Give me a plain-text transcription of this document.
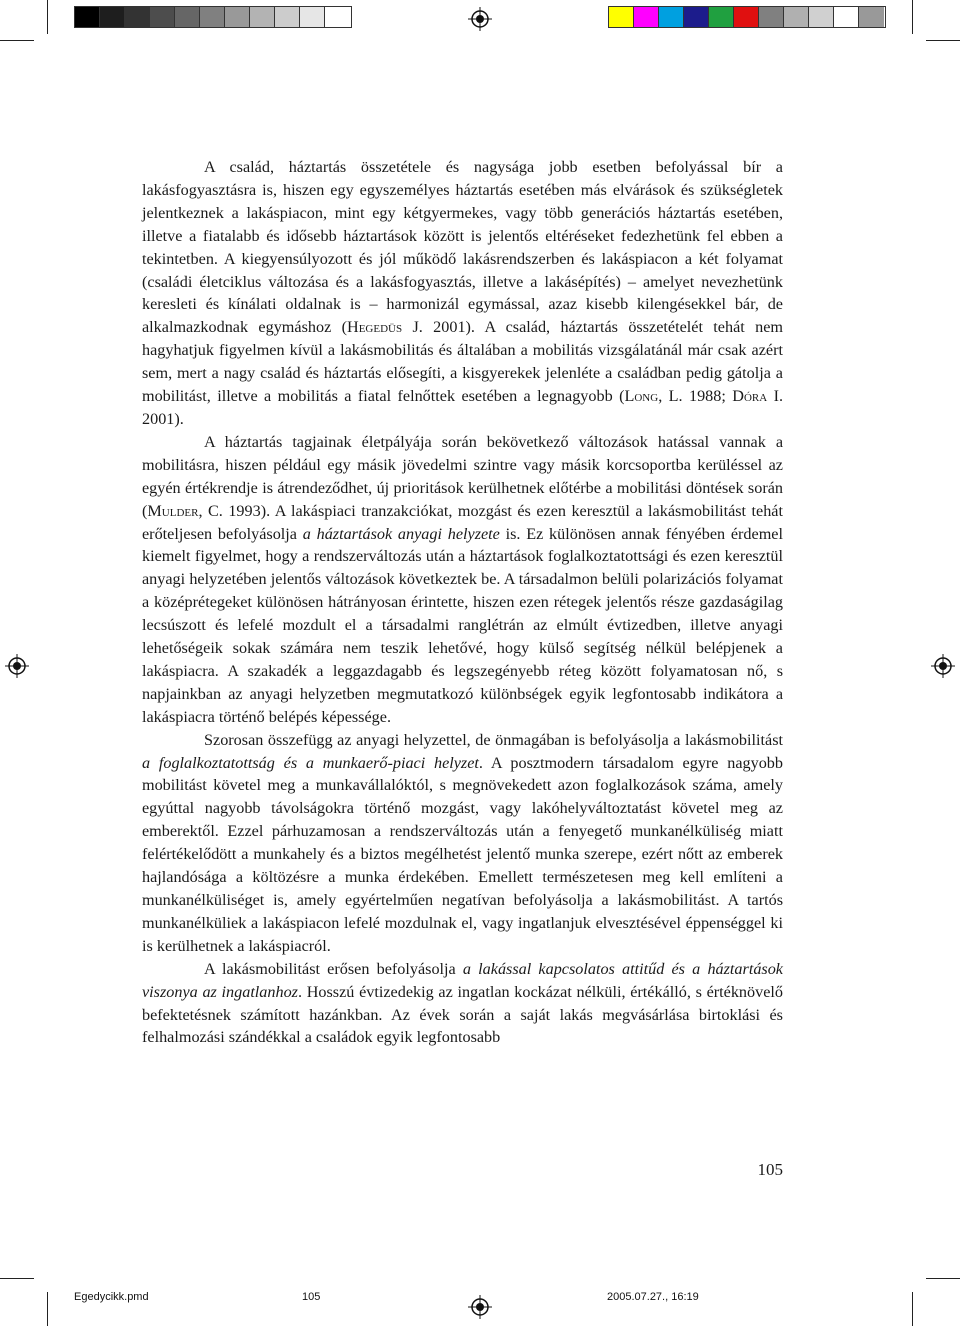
A család, háztartás összetétele és nagysága jobb esetben befolyással bír a lakásfogyasztásra is, hiszen egy egyszemélyes háztartás esetében más elvárások és szükségletek jelentkeznek a lakáspiacon, mint egy kétgyermekes, vagy több generációs háztartás esetében, illetve a fiatalabb és idősebb háztartások között is jelentős eltéréseket fedezhetünk fel ebben a tekintetben. A kiegyensúlyozott és jól működő lakásrendszerben és lakáspiacon a két folyamat (családi életciklus változása és a lakásfogyasztás, illetve a lakásépítés) – amelyet nevezhetünk keresleti és kínálati oldalnak is – harmonizál egymással, azaz kisebb kilengésekkel bár, de alkalmazkodnak egymáshoz (Hegedüs J. 2001). A család, háztartás összetételét tehát nem hagyhatjuk figyelmen kívül a lakásmobilitás és általában a mobilitás vizsgálatánál már csak azért sem, mert a nagy család és háztartás elősegíti, a kisgyerekek jelenléte a családban pedig gátolja a mobilitást, illetve a mobilitás a fiatal felnőttek esetében a legnagyobb (Long, L. 1988; Dóra I. 2001).

A háztartás tagjainak életpályája során bekövetkező változások hatással vannak a mobilitásra, hiszen például egy másik jövedelmi szintre vagy másik korcsoportba kerüléssel az egyén értékrendje is átrendeződhet, új prioritások kerülhetnek előtérbe a mobilitási döntések során (Mulder, C. 1993). A lakáspiaci tranzakciókat, mozgást és ezen keresztül a lakásmobilitást tehát erőteljesen befolyásolja a háztartások anyagi helyzete is. Ez különösen annak fényében érdemel kiemelt figyelmet, hogy a rendszerváltozás után a háztartások foglalkoztatottsági és ezen keresztül anyagi helyzetében jelentős változások következtek be. A társadalmon belüli polarizációs folyamat a középrétegeket különösen hátrányosan érintette, hiszen ezen rétegek jelentős része gazdaságilag lecsúszott és lefelé mozdult el a társadalmi ranglétrán az elmúlt évtizedben, illetve anyagi lehetőségeik sokak számára nem teszik lehetővé, hogy külső segítség nélkül belépjenek a lakáspiacra. A szakadék a leggazdagabb és legszegényebb réteg között folyamatosan nő, s napjainkban az anyagi helyzetben megmutatkozó különbségek egyik legfontosabb indikátora a lakáspiacra történő belépés képessége.

Szorosan összefügg az anyagi helyzettel, de önmagában is befolyásolja a lakásmobilitást a foglalkoztatottság és a munkaerő-piaci helyzet. A posztmodern társadalom egyre nagyobb mobilitást követel meg a munkavállalóktól, s megnövekedett azon foglalkozások száma, amely egyúttal nagyobb távolságokra történő mozgást, vagy lakóhelyváltoztatást követel meg az emberektől. Ezzel párhuzamosan a rendszerváltozás után a fenyegető munkanélküliség miatt felértékelődött a munkahely és a biztos megélhetést jelentő munka szerepe, ezért nőtt az emberek hajlandósága a költözésre a munka érdekében. Emellett természetesen meg kell említeni a munkanélküliséget is, amely egyértelműen negatívan befolyásolja a lakásmobilitást. A tartós munkanélküliek a lakáspiacon lefelé mozdulnak el, vagy ingatlanjuk elvesztésével éppenséggel ki is kerülhetnek a lakáspiacról.

A lakásmobilitást erősen befolyásolja a lakással kapcsolatos attitűd és a háztartások viszonya az ingatlanhoz. Hosszú évtizedekig az ingatlan kockázat nélküli, értékálló, s értéknövelő befektetésnek számított hazánkban. Az évek során a saját lakás megvásárlása birtoklási és felhalmozási szándékkal a családok egyik legfontosabb

105
Egedycikk.pmd	105	2005.07.27., 16:19
